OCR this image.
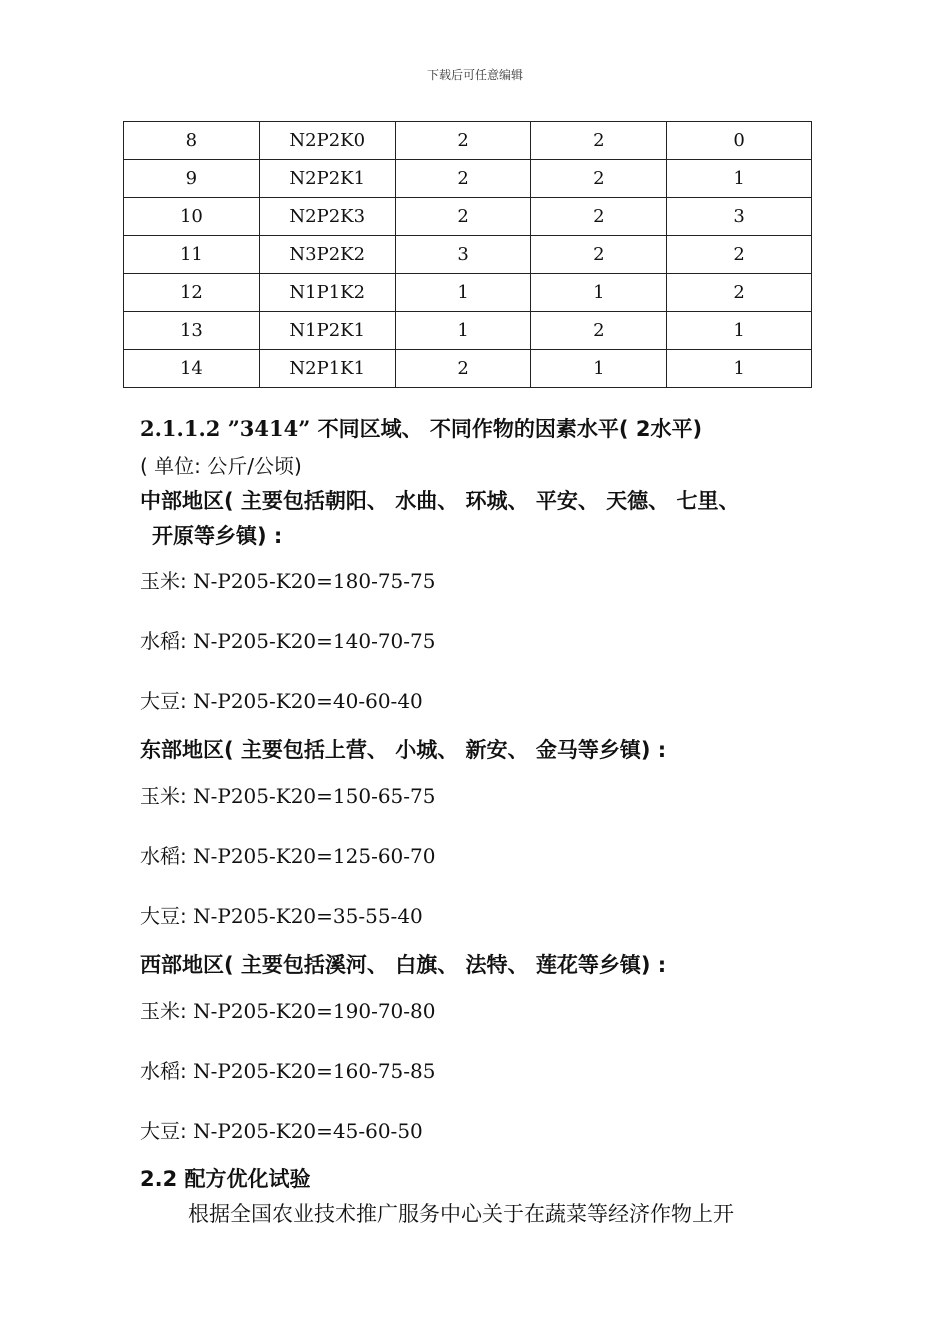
下载后可任意编辑
8	N2P2K0	2	2	0
9	N2P2K1	2	2	1
10	N2P2K3	2	2	3
11	N3P2K2	3	2	2
12	N1P1K2	1	1	2
13	N1P2K1	1	2	1
14	N2P1K1	2	1	1
2.1.1.2 ”3414” 不同区域、 不同作物的因素水平( 2水平)
( 单位: 公斤/公顷)
中部地区( 主要包括朝阳、 水曲、 环城、 平安、 天德、 七里、
开原等乡镇) :
玉米: N-P205-K20=180-75-75
水稻: N-P205-K20=140-70-75
大豆: N-P205-K20=40-60-40
东部地区( 主要包括上营、 小城、 新安、 金马等乡镇) :
玉米: N-P205-K20=150-65-75
水稻: N-P205-K20=125-60-70
大豆: N-P205-K20=35-55-40
西部地区( 主要包括溪河、 白旗、 法特、 莲花等乡镇) :
玉米: N-P205-K20=190-70-80
水稻: N-P205-K20=160-75-85
大豆: N-P205-K20=45-60-50
2.2 配方优化试验
根据全国农业技术推广服务中心关于在蔬菜等经济作物上开
